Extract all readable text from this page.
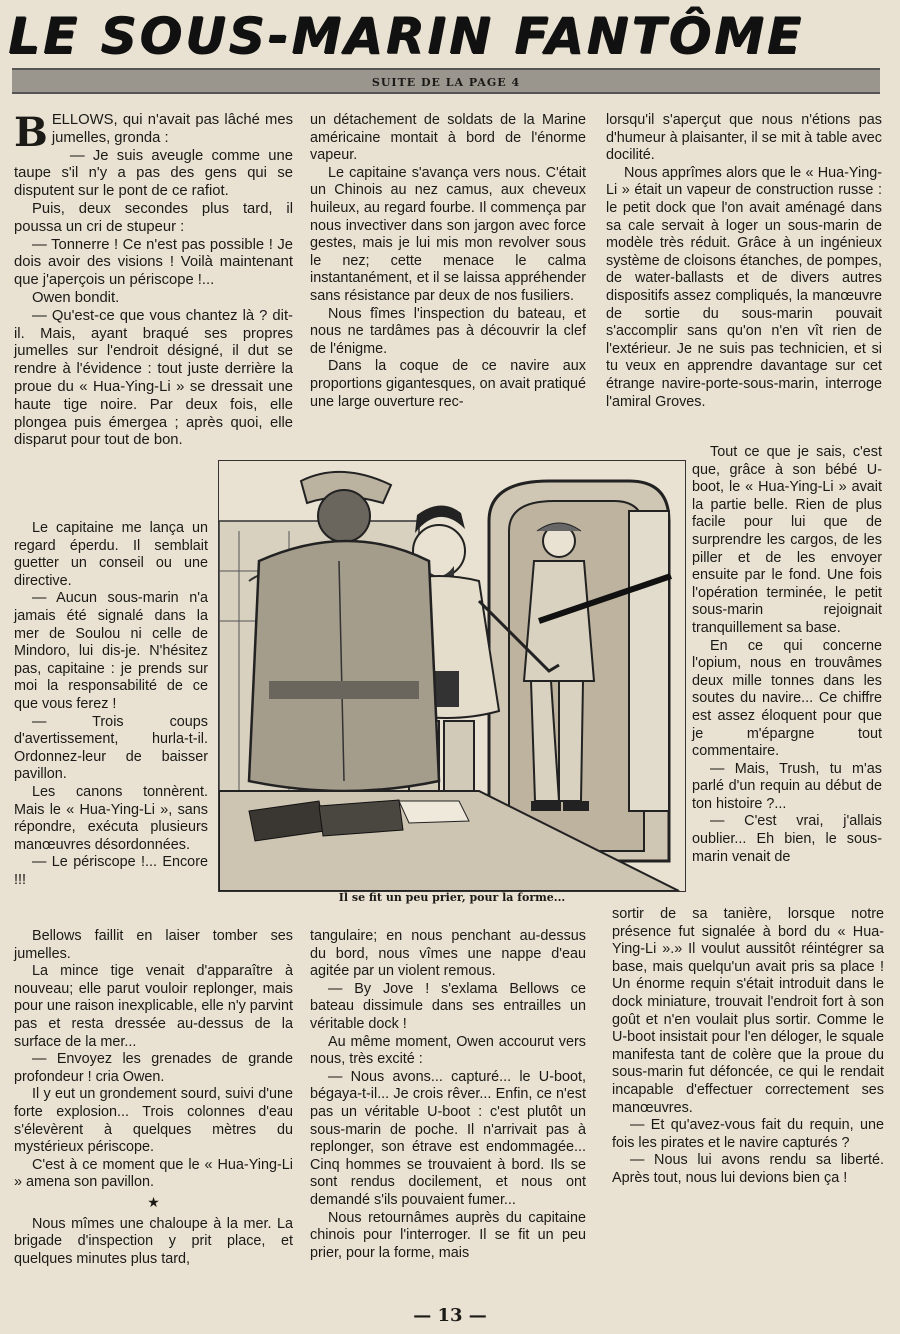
LE SOUS-MARIN FANTÔME
SUITE DE LA PAGE 4

BELLOWS, qui n'avait pas lâché mes jumelles, gronda :

— Je suis aveugle comme une taupe s'il n'y a pas des gens qui se disputent sur le pont de ce rafiot.

Puis, deux secondes plus tard, il poussa un cri de stupeur :

— Tonnerre ! Ce n'est pas possible ! Je dois avoir des visions ! Voilà maintenant que j'aperçois un périscope !...

Owen bondit.

— Qu'est-ce que vous chantez là ? dit-il. Mais, ayant braqué ses propres jumelles sur l'endroit désigné, il dut se rendre à l'évidence : tout juste derrière la proue du « Hua-Ying-Li » se dressait une haute tige noire. Par deux fois, elle plongea puis émergea ; après quoi, elle disparut pour tout de bon.

Le capitaine me lança un regard éperdu. Il semblait guetter un conseil ou une directive.

— Aucun sous-marin n'a jamais été signalé dans la mer de Soulou ni celle de Mindoro, lui dis-je. N'hésitez pas, capitaine : je prends sur moi la responsabilité de ce que vous ferez !

— Trois coups d'avertissement, hurla-t-il. Ordonnez-leur de baisser pavillon.

Les canons tonnèrent. Mais le « Hua-Ying-Li », sans répondre, exécuta plusieurs manœuvres désordonnées.

— Le périscope !... Encore !!!

Bellows faillit en laiser tomber ses jumelles.

La mince tige venait d'apparaître à nouveau; elle parut vouloir replonger, mais pour une raison inexplicable, elle n'y parvint pas et resta dressée au-dessus de la surface de la mer...

— Envoyez les grenades de grande profondeur ! cria Owen.

Il y eut un grondement sourd, suivi d'une forte explosion... Trois colonnes d'eau s'élevèrent à quelques mètres du mystérieux périscope.

C'est à ce moment que le « Hua-Ying-Li » amena son pavillon.

★

Nous mîmes une chaloupe à la mer. La brigade d'inspection y prit place, et quelques minutes plus tard,

un détachement de soldats de la Marine américaine montait à bord de l'énorme vapeur.

Le capitaine s'avança vers nous. C'était un Chinois au nez camus, aux cheveux huileux, au regard fourbe. Il commença par nous invectiver dans son jargon avec force gestes, mais je lui mis mon revolver sous le nez; cette menace le calma instantanément, et il se laissa appréhender sans résistance par deux de nos fusiliers.

Nous fîmes l'inspection du bateau, et nous ne tardâmes pas à découvrir la clef de l'énigme.

Dans la coque de ce navire aux proportions gigantesques, on avait pratiqué une large ouverture rec-

lorsqu'il s'aperçut que nous n'étions pas d'humeur à plaisanter, il se mit à table avec docilité.

Nous apprîmes alors que le « Hua-Ying-Li » était un vapeur de construction russe : le petit dock que l'on avait aménagé dans sa cale servait à loger un sous-marin de modèle très réduit. Grâce à un ingénieux système de cloisons étanches, de pompes, de water-ballasts et de divers autres dispositifs assez compliqués, la manœuvre de sortie du sous-marin pouvait s'accomplir sans qu'on n'en vît rien de l'extérieur. Je ne suis pas technicien, et si tu veux en apprendre davantage sur cet étrange navire-porte-sous-marin, interroge l'amiral Groves.

Tout ce que je sais, c'est que, grâce à son bébé U-boot, le « Hua-Ying-Li » avait la partie belle. Rien de plus facile pour lui que de surprendre les cargos, de les piller et de les envoyer ensuite par le fond. Une fois l'opération terminée, le petit sous-marin rejoignait tranquillement sa base.

En ce qui concerne l'opium, nous en trouvâmes deux mille tonnes dans les soutes du navire... Ce chiffre est assez éloquent pour que je m'épargne tout commentaire.

— Mais, Trush, tu m'as parlé d'un requin au début de ton histoire ?...

— C'est vrai, j'allais oublier... Eh bien, le sous-marin venait de

tangulaire; en nous penchant au-dessus du bord, nous vîmes une nappe d'eau agitée par un violent remous.

— By Jove ! s'exlama Bellows ce bateau dissimule dans ses entrailles un véritable dock !

Au même moment, Owen accourut vers nous, très excité :

— Nous avons... capturé... le U-boot, bégaya-t-il... Je crois rêver... Enfin, ce n'est pas un véritable U-boot : c'est plutôt un sous-marin de poche. Il n'arrivait pas à replonger, son étrave est endommagée... Cinq hommes se trouvaient à bord. Ils se sont rendus docilement, et nous ont demandé s'ils pouvaient fumer...

Nous retournâmes auprès du capitaine chinois pour l'interroger. Il se fit un peu prier, pour la forme, mais

sortir de sa tanière, lorsque notre présence fut signalée à bord du « Hua-Ying-Li ».» Il voulut aussitôt réintégrer sa base, mais quelqu'un avait pris sa place ! Un énorme requin s'était introduit dans le dock miniature, trouvait l'endroit fort à son goût et n'en voulait plus sortir. Comme le U-boot insistait pour l'en déloger, le squale manifesta tant de colère que la proue du sous-marin fut défoncée, ce qui le rendait incapable d'effectuer correctement ses manœuvres.

— Et qu'avez-vous fait du requin, une fois les pirates et le navire capturés ?

— Nous lui avons rendu sa liberté. Après tout, nous lui devions bien ça !

Il se fit un peu prier, pour la forme...
— 13 —
